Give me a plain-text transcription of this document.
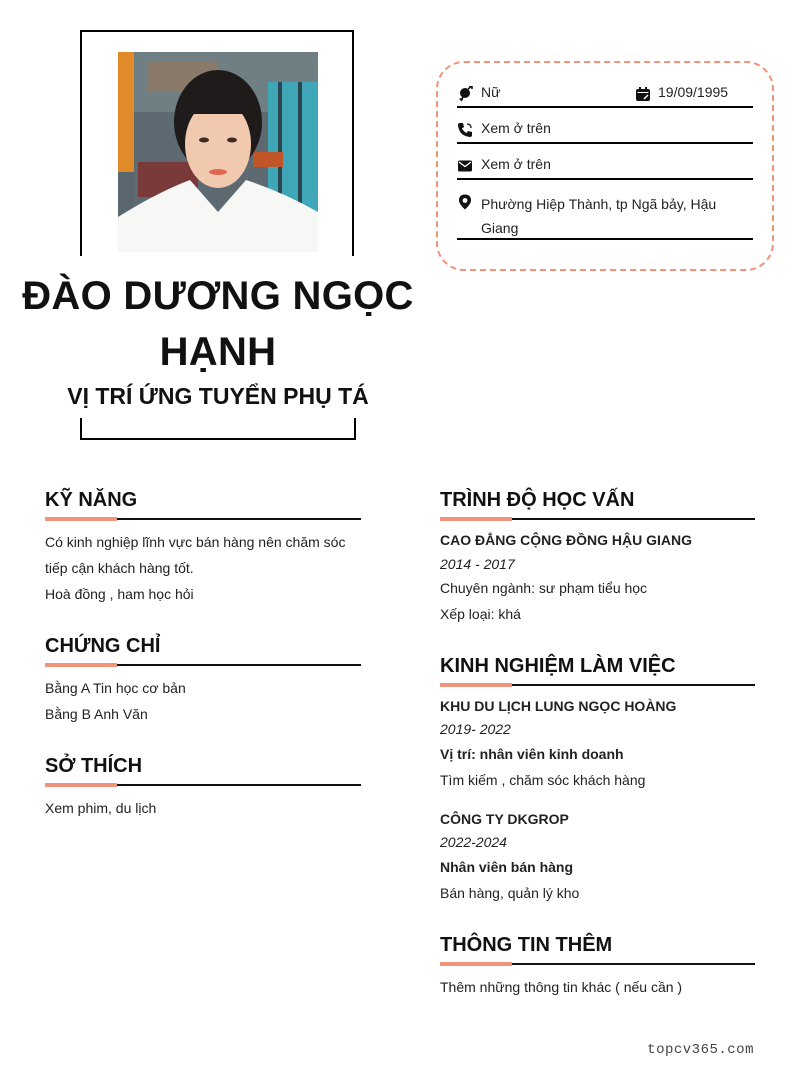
ĐÀO DƯƠNG NGỌC
HẠNH
VỊ TRÍ ỨNG TUYỂN PHỤ TÁ
Nữ	19/09/1995
Xem ở trên
Xem ở trên
Phường Hiệp Thành, tp Ngã bảy, Hậu
Giang
KỸ NĂNG
Có kinh nghiệp lĩnh vực bán hàng nên chăm sóc
tiếp cận khách hàng tốt.
Hoà đồng , ham học hỏi
CHỨNG CHỈ
Bằng A Tin học cơ bản
Bằng B Anh Văn
SỞ THÍCH
Xem phim, du lịch
TRÌNH ĐỘ HỌC VẤN
CAO ĐẲNG CỘNG ĐỒNG HẬU GIANG
2014 - 2017
Chuyên ngành: sư phạm tiểu học
Xếp loại: khá
KINH NGHIỆM LÀM VIỆC
KHU DU LỊCH LUNG NGỌC HOÀNG
2019- 2022
Vị trí: nhân viên kinh doanh
Tìm kiếm , chăm sóc khách hàng
CÔNG TY DKGROP
2022-2024
Nhân viên bán hàng
Bán hàng, quản lý kho
THÔNG TIN THÊM
Thêm những thông tin khác ( nếu cần )
topcv365.com
